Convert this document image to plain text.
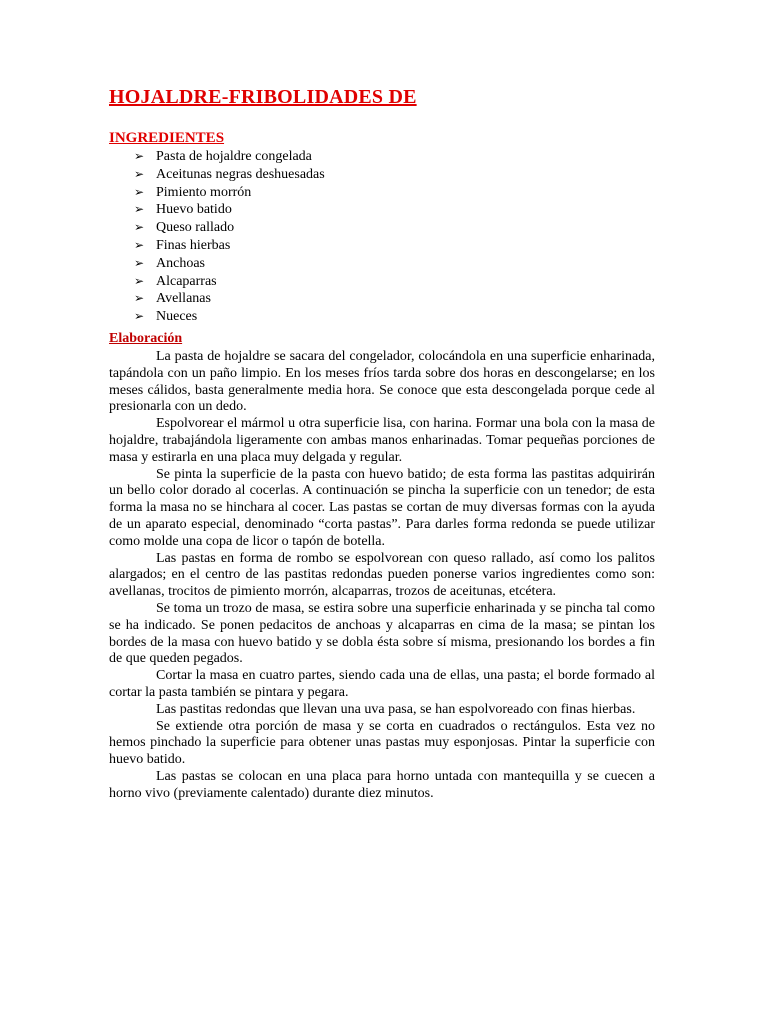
HOJALDRE-FRIBOLIDADES DE
INGREDIENTES
➢ Pasta de hojaldre congelada
➢ Aceitunas negras deshuesadas
➢ Pimiento morrón
➢ Huevo batido
➢ Queso rallado
➢ Finas hierbas
➢ Anchoas
➢ Alcaparras
➢ Avellanas
➢ Nueces
Elaboración

La pasta de hojaldre se sacara del congelador, colocándola en una superficie enharinada, tapándola con un paño limpio. En los meses fríos tarda sobre dos horas en descongelarse; en los meses cálidos, basta generalmente media hora. Se conoce que esta descongelada porque cede al presionarla con un dedo.

Espolvorear el mármol u otra superficie lisa, con harina. Formar una bola con la masa de hojaldre, trabajándola ligeramente con ambas manos enharinadas. Tomar pequeñas porciones de masa y estirarla en una placa muy delgada y regular.

Se pinta la superficie de la pasta con huevo batido; de esta forma las pastitas adquirirán un bello color dorado al cocerlas. A continuación se pincha la superficie con un tenedor; de esta forma la masa no se hinchara al cocer. Las pastas se cortan de muy diversas formas con la ayuda de un aparato especial, denominado “corta pastas”. Para darles forma redonda se puede utilizar como molde una copa de licor o tapón de botella.

Las pastas en forma de rombo se espolvorean con queso rallado, así como los palitos alargados; en el centro de las pastitas redondas pueden ponerse varios ingredientes como son: avellanas, trocitos de pimiento morrón, alcaparras, trozos de aceitunas, etcétera.

Se toma un trozo de masa, se estira sobre una superficie enharinada y se pincha tal como se ha indicado. Se ponen pedacitos de anchoas y alcaparras en cima de la masa; se pintan los bordes de la masa con huevo batido y se dobla ésta sobre sí misma, presionando los bordes a fin de que queden pegados.

Cortar la masa en cuatro partes, siendo cada una de ellas, una pasta; el borde formado al cortar la pasta también se pintara y pegara.

Las pastitas redondas que llevan una uva pasa, se han espolvoreado con finas hierbas.

Se extiende otra porción de masa y se corta en cuadrados o rectángulos. Esta vez no hemos pinchado la superficie para obtener unas pastas muy esponjosas. Pintar la superficie con huevo batido.

Las pastas se colocan en una placa para horno untada con mantequilla y se cuecen a horno vivo (previamente calentado) durante diez minutos.
